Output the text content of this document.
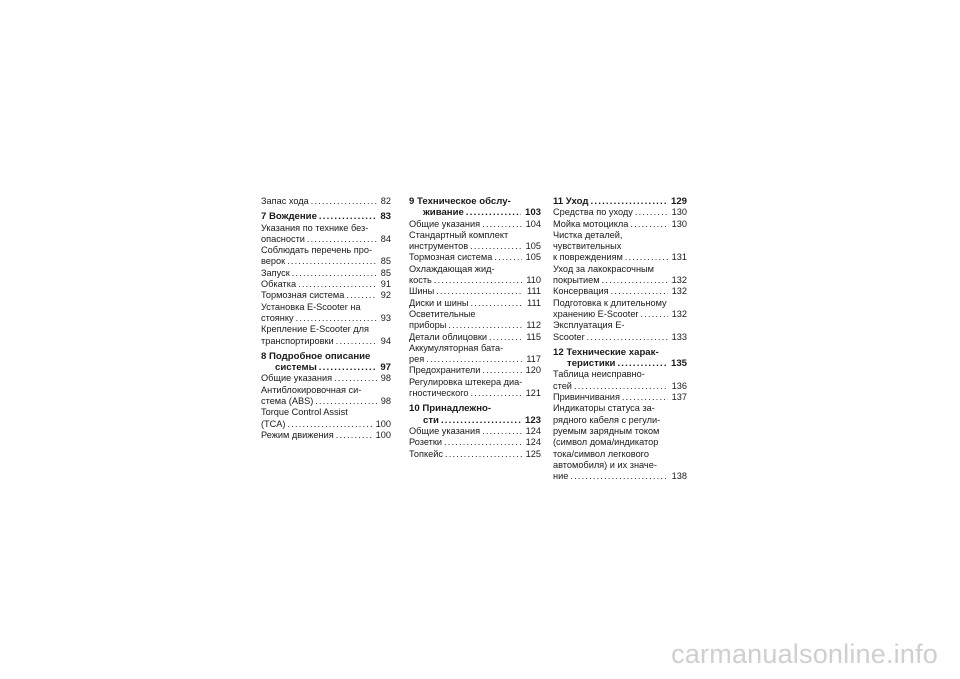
Запас хода .....	82
7 Вождение .....	83
Указания по технике без-
опасности .....	84
Соблюдать перечень про-
верок .....	85
Запуск .....	85
Обкатка .....	91
Тормозная система .....	92
Установка E-Scooter на
стоянку .....	93
Крепление E-Scooter для
транспортировки .....	94
8 Подробное описание
системы .....	97
Общие указания .....	98
Антиблокировочная си-
стема (ABS) .....	98
Torque Control Assist
(TCA) .....	100
Режим движения .....	100
9 Техническое обслу-
живание .....	103
Общие указания .....	104
Стандартный комплект
инструментов .....	105
Тормозная система .....	105
Охлаждающая жид-
кость .....	110
Шины .....	111
Диски и шины .....	111
Осветительные
приборы .....	112
Детали облицовки .....	115
Аккумуляторная бата-
рея .....	117
Предохранители .....	120
Регулировка штекера диа-
гностического .....	121
10 Принадлежно-
сти .....	123
Общие указания .....	124
Розетки .....	124
Топкейс .....	125
11 Уход .....	129
Средства по уходу .....	130
Мойка мотоцикла .....	130
Чистка деталей,
чувствительных
к повреждениям .....	131
Уход за лакокрасочным
покрытием .....	132
Консервация .....	132
Подготовка к длительному
хранению E-Scooter .....	132
Эксплуатация E-
Scooter .....	133
12 Технические харак-
теристики .....	135
Таблица неисправно-
стей .....	136
Привинчивания .....	137
Индикаторы статуса за-
рядного кабеля с регули-
руемым зарядным током
(символ дома/индикатор
тока/символ легкового
автомобиля) и их значе-
ние .....	138
carmanualsonline.info
